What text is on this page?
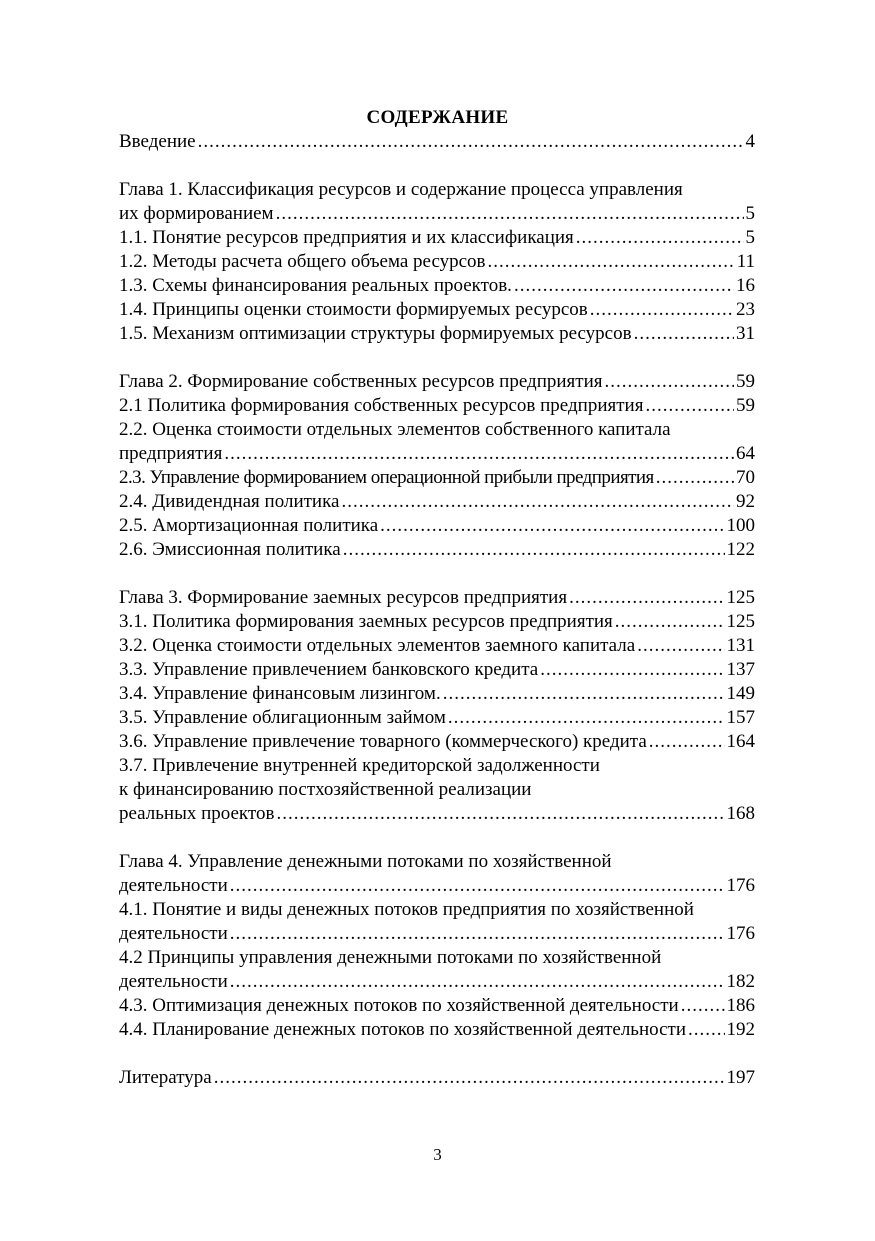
СОДЕРЖАНИЕ
Введение .....	4
Глава 1. Классификация ресурсов и содержание процесса управления
их формированием .....	5
1.1. Понятие ресурсов предприятия и их классификация .....	5
1.2. Методы расчета общего объема ресурсов .....	11
1.3. Схемы финансирования реальных проектов. .....	16
1.4. Принципы оценки стоимости формируемых ресурсов .....	23
1.5. Механизм оптимизации структуры формируемых ресурсов .....	31
Глава 2. Формирование собственных ресурсов предприятия .....	59
2.1 Политика формирования собственных ресурсов предприятия .....	59
2.2. Оценка стоимости отдельных элементов собственного капитала
предприятия .....	64
2.3. Управление формированием операционной прибыли предприятия .....	70
2.4. Дивидендная политика .....	92
2.5. Амортизационная политика .....	100
2.6. Эмиссионная политика .....	122
Глава 3. Формирование заемных ресурсов предприятия .....	125
3.1. Политика формирования заемных ресурсов предприятия .....	125
3.2. Оценка стоимости отдельных элементов заемного капитала .....	131
3.3. Управление привлечением банковского кредита .....	137
3.4. Управление финансовым лизингом. .....	149
3.5. Управление облигационным займом .....	157
3.6. Управление привлечение товарного (коммерческого) кредита .....	164
3.7. Привлечение внутренней кредиторской задолженности
к финансированию постхозяйственной реализации
реальных проектов .....	168
Глава 4. Управление денежными потоками по хозяйственной
деятельности .....	176
4.1. Понятие и виды денежных потоков предприятия по хозяйственной
деятельности .....	176
4.2 Принципы управления денежными потоками по хозяйственной
деятельности .....	182
4.3. Оптимизация денежных потоков по хозяйственной деятельности .....	186
4.4. Планирование денежных потоков по хозяйственной деятельности ..... 192
Литература .....	197
3
